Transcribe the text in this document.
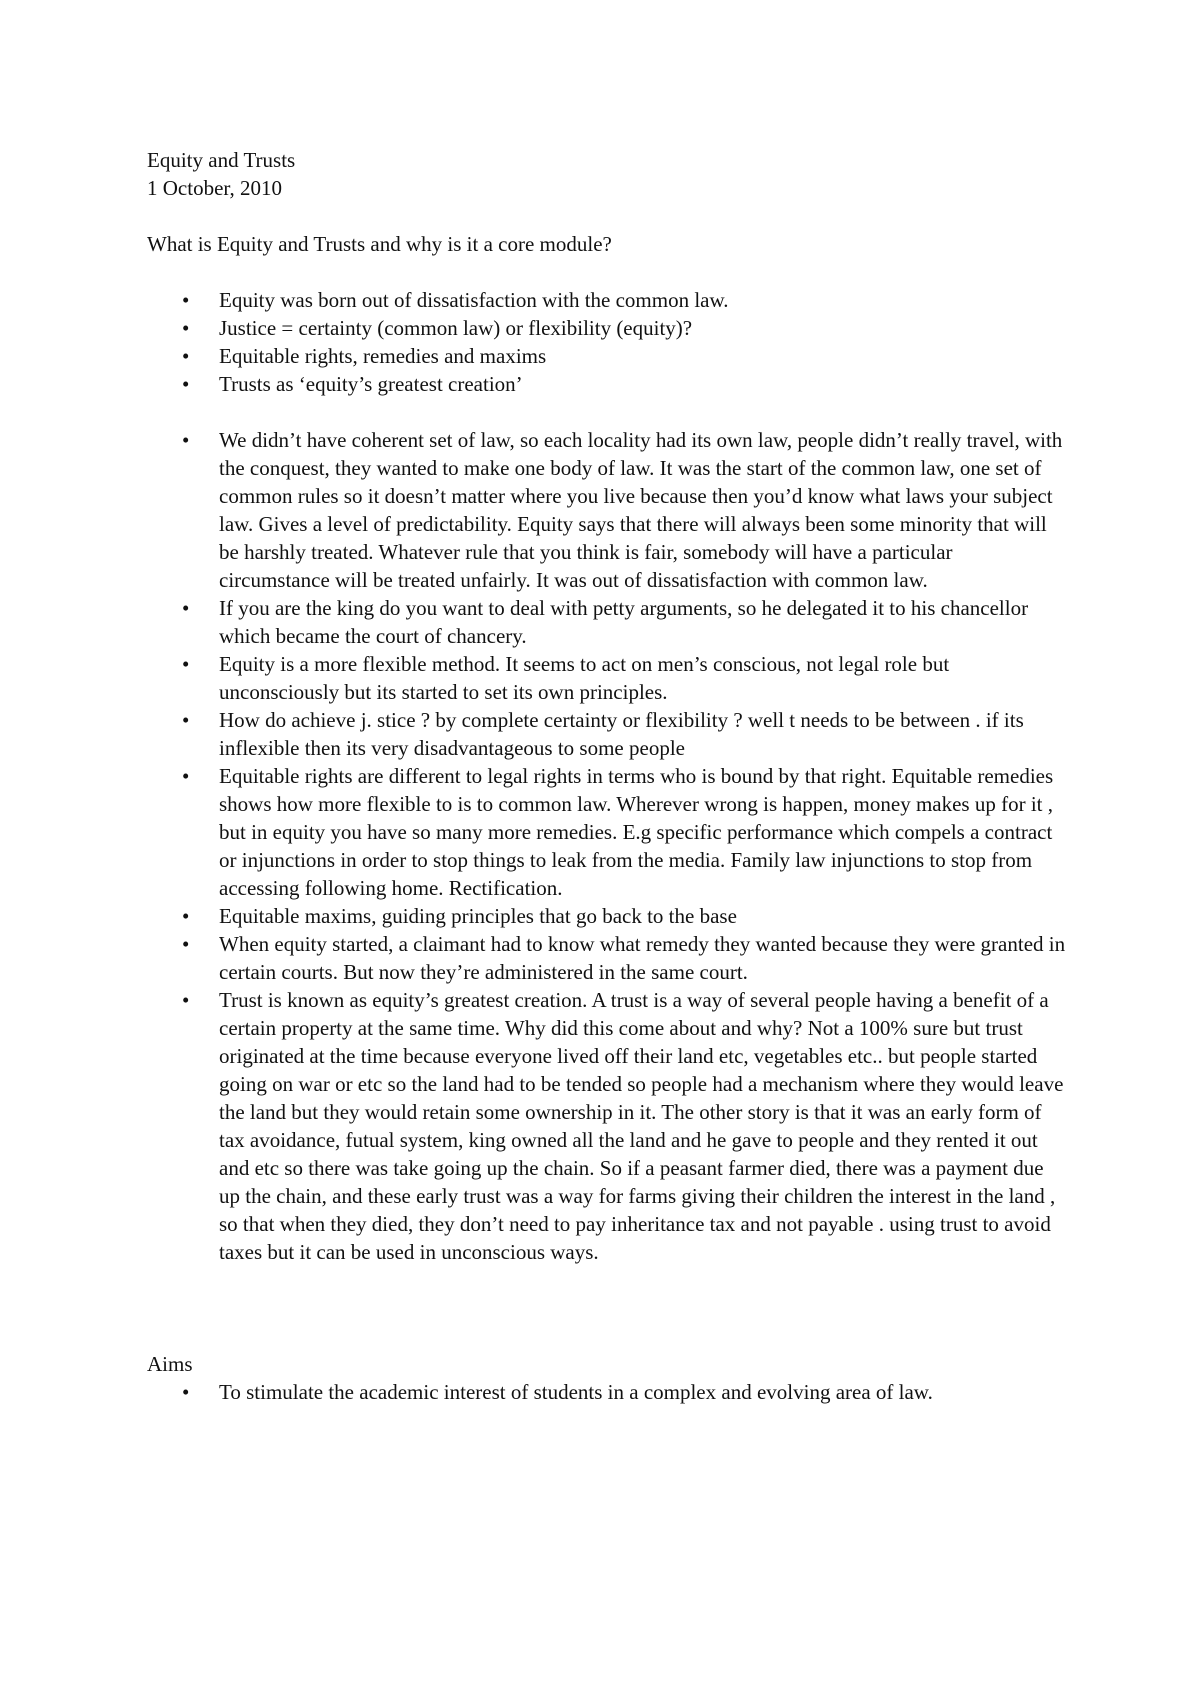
Equity and Trusts

1 October, 2010

What is Equity and Trusts and why is it a core module?

•	Equity was born out of dissatisfaction with the common law.
•	Justice = certainty (common law) or flexibility (equity)?
•	Equitable rights, remedies and maxims
•	Trusts as ‘equity’s greatest creation’
•	We didn’t have coherent set of law, so each locality had its own law, people didn’t really travel, with the conquest, they wanted to make one body of law. It was the start of the common law, one set of common rules so it doesn’t matter where you live because then you’d know what laws your subject law. Gives a level of predictability. Equity says that there will always been some minority that will be harshly treated. Whatever rule that you think is fair, somebody will have a particular circumstance will be treated unfairly. It was out of dissatisfaction with common law.
•	If you are the king do you want to deal with petty arguments, so he delegated it to his chancellor which became the court of chancery.
•	Equity is a more flexible method. It seems to act on men’s conscious, not legal role but unconsciously but its started to set its own principles.
•	How do achieve j. stice ? by complete certainty or flexibility ? well t needs to be between . if its inflexible then its very disadvantageous to some people
•	Equitable rights are different to legal rights in terms who is bound by that right. Equitable remedies shows how more flexible to is to common law. Wherever wrong is happen, money makes up for it , but in equity you have so many more remedies. E.g specific performance which compels a contract or injunctions in order to stop things to leak from the media. Family law injunctions to stop from accessing following home. Rectification.
•	Equitable maxims, guiding principles that go back to the base
•	When equity started, a claimant had to know what remedy they wanted because they were granted in certain courts. But now they’re administered in the same court.
•	Trust is known as equity’s greatest creation. A trust is a way of several people having a benefit of a certain property at the same time. Why did this come about and why? Not a 100% sure but trust originated at the time because everyone lived off their land etc, vegetables etc.. but people started going on war or etc so the land had to be tended so people had a mechanism where they would leave the land but they would retain some ownership in it. The other story is that it was an early form of tax avoidance, futual system, king owned all the land and he gave to people and they rented it out and etc so there was take going up the chain. So if a peasant farmer died, there was a payment due up the chain, and these early trust was a way for farms giving their children the interest in the land , so that when they died, they don’t need to pay inheritance tax and not payable . using trust to avoid taxes but it can be used in unconscious ways.

Aims

•	To stimulate the academic interest of students in a complex and evolving area of law.
